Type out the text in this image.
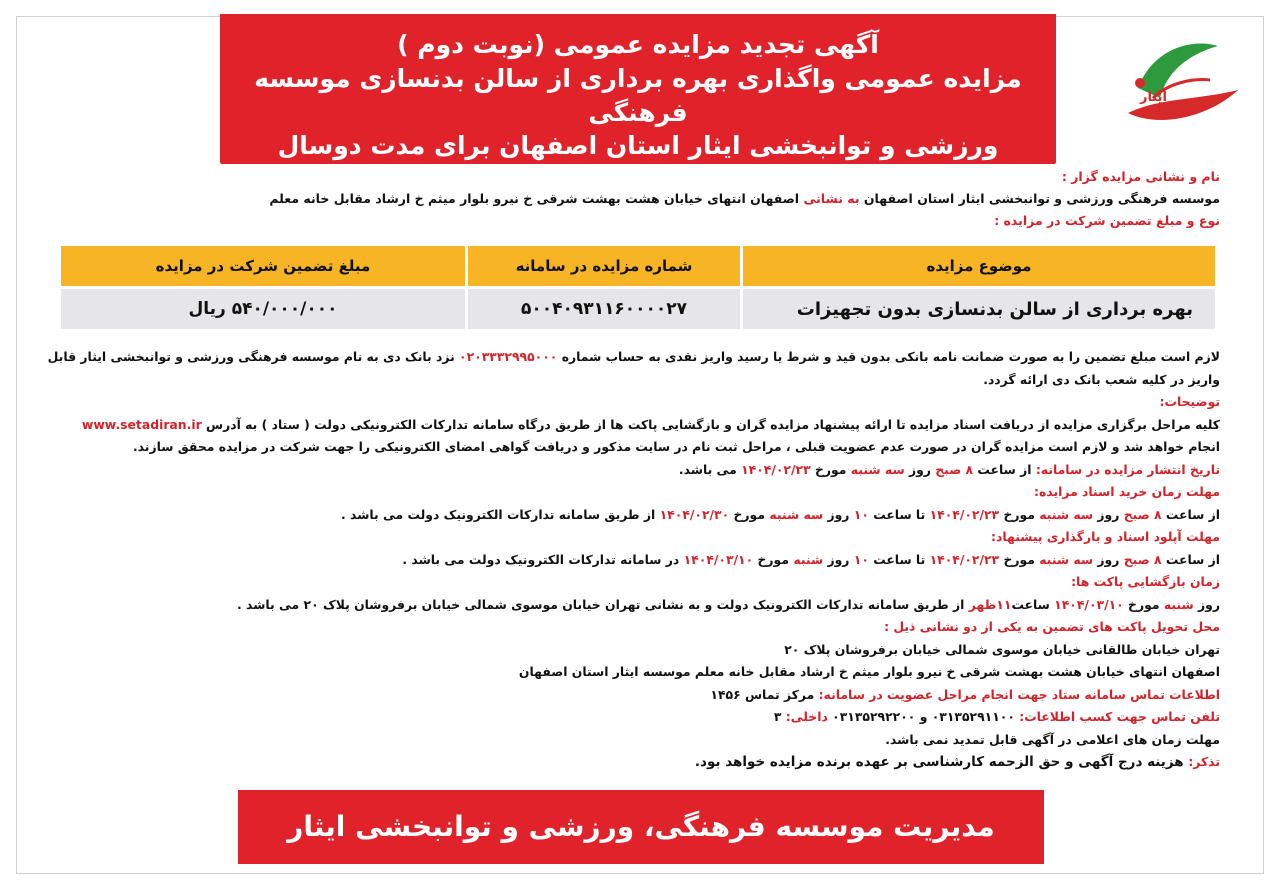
آگهی تجدید مزایده عمومی (نوبت دوم )
مزایده عمومی واگذاری بهره برداری از سالن بدنسازی موسسه فرهنگی
ورزشی و توانبخشی ایثار استان اصفهان برای مدت دوسال
ایثار

نام و نشانی مزایده گزار :

موسسه فرهنگی ورزشی و توانبخشی ایثار استان اصفهان به نشانی اصفهان انتهای خیابان هشت بهشت شرقی خ نیرو بلوار میثم خ ارشاد مقابل خانه معلم

نوع و مبلغ تضمین شرکت در مزایده :

موضوع مزایده	شماره مزایده در سامانه	مبلغ تضمین شرکت در مزایده
بهره برداری از سالن بدنسازی بدون تجهیزات	۵۰۰۴۰۹۳۱۱۶۰۰۰۰۲۷	۵۴۰/۰۰۰/۰۰۰ ریال

لازم است مبلغ تضمین را به صورت ضمانت نامه بانکی بدون قید و شرط یا رسید واریز نقدی به حساب شماره ۰۲۰۳۳۳۲۹۹۵۰۰۰ نزد بانک دی به نام موسسه فرهنگی ورزشی و توانبخشی ایثار قابل

واریز در کلیه شعب بانک دی ارائه گردد.

توضیحات:

کلیه مراحل برگزاری مزایده از دریافت اسناد مزایده تا ارائه پیشنهاد مزایده گران و بازگشایی پاکت ها از طریق درگاه سامانه تدارکات الکترونیکی دولت ( ستاد ) به آدرس www.setadiran.ir

انجام خواهد شد و لازم است مزایده گران در صورت عدم عضویت قبلی ، مراحل ثبت نام در سایت مذکور و دریافت گواهی امضای الکترونیکی را جهت شرکت در مزایده محقق سازند.

تاریخ انتشار مزایده در سامانه: از ساعت ۸ صبح روز سه شنبه مورخ ۱۴۰۴/۰۲/۲۳ می باشد.

مهلت زمان خرید اسناد مزایده:

از ساعت ۸ صبح روز سه شنبه مورخ ۱۴۰۴/۰۲/۲۳ تا ساعت ۱۰ روز سه شنبه مورخ ۱۴۰۴/۰۲/۳۰ از طریق سامانه تدارکات الکترونیک دولت می باشد .

مهلت آپلود اسناد و بارگذاری پیشنهاد:

از ساعت ۸ صبح روز سه شنبه مورخ ۱۴۰۴/۰۲/۲۳ تا ساعت ۱۰ روز شنبه مورخ ۱۴۰۴/۰۳/۱۰ در سامانه تدارکات الکترونیک دولت می باشد .

زمان بازگشایی پاکت ها:

روز شنبه مورخ ۱۴۰۴/۰۳/۱۰ ساعت۱۱ظهر از طریق سامانه تدارکات الکترونیک دولت و به نشانی تهران خیابان موسوی شمالی خیابان برفروشان پلاک ۲۰ می باشد .

محل تحویل پاکت های تضمین به یکی از دو نشانی ذیل :

تهران خیابان طالقانی خیابان موسوی شمالی خیابان برفروشان پلاک ۲۰

اصفهان انتهای خیابان هشت بهشت شرقی خ نیرو بلوار میثم خ ارشاد مقابل خانه معلم موسسه ایثار استان اصفهان

اطلاعات تماس سامانه ستاد جهت انجام مراحل عضویت در سامانه: مرکز تماس ۱۴۵۶

تلفن تماس جهت کسب اطلاعات: ۰۳۱۳۵۲۹۱۱۰۰ و ۰۳۱۳۵۲۹۲۲۰۰ داخلی: ۳

مهلت زمان های اعلامی در آگهی قابل تمدید نمی باشد.

تذکر: هزینه درج آگهی و حق الزحمه کارشناسی بر عهده برنده مزایده خواهد بود.

مدیریت موسسه فرهنگی، ورزشی و توانبخشی ایثار
